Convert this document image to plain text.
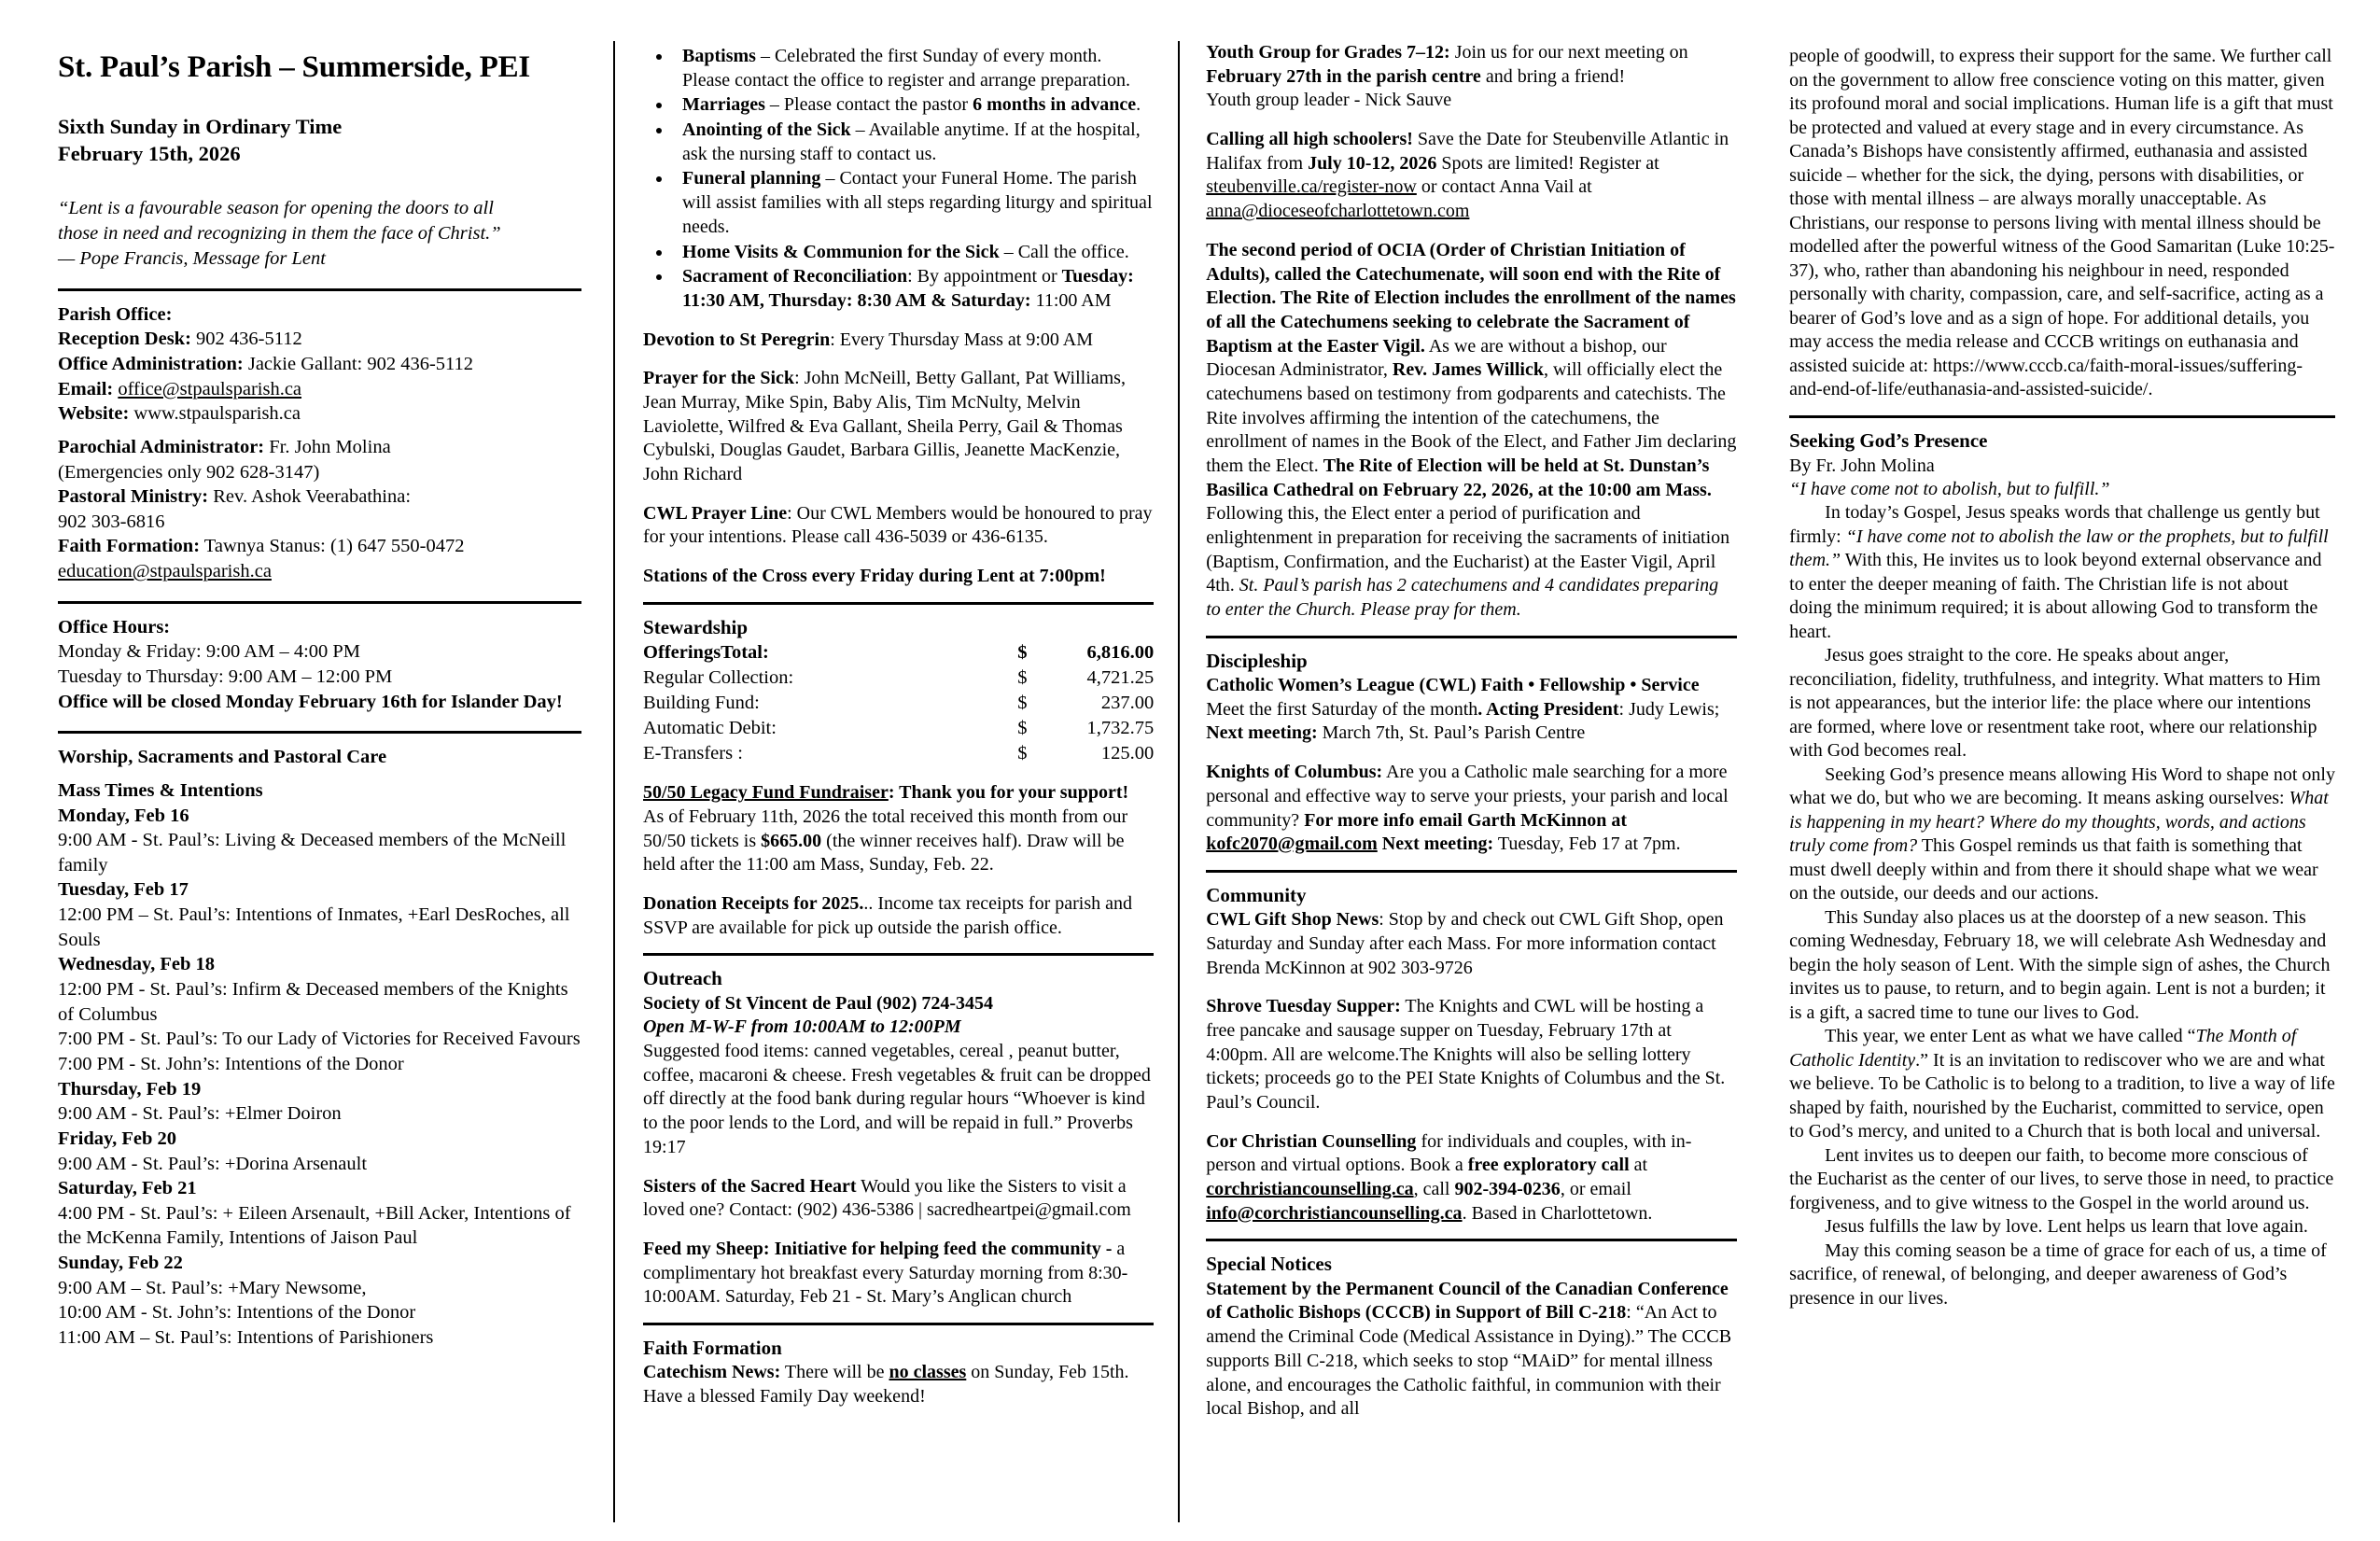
St. Paul’s Parish – Summerside, PEI
Sixth Sunday in Ordinary Time
February 15th, 2026
“Lent is a favourable season for opening the doors to all
those in need and recognizing in them the face of Christ.”
— Pope Francis, Message for Lent
Parish Office:
Reception Desk: 902 436-5112
Office Administration: Jackie Gallant: 902 436-5112
Email: office@stpaulsparish.ca
Website: www.stpaulsparish.ca
Parochial Administrator: Fr. John Molina
(Emergencies only 902 628-3147)
Pastoral Ministry: Rev. Ashok Veerabathina:
902 303-6816
Faith Formation: Tawnya Stanus: (1) 647 550-0472
education@stpaulsparish.ca
Office Hours:
Monday & Friday: 9:00 AM – 4:00 PM
Tuesday to Thursday: 9:00 AM – 12:00 PM
Office will be closed Monday February 16th for Islander Day!
Worship, Sacraments and Pastoral Care
Mass Times & Intentions
Monday, Feb 16
9:00 AM - St. Paul’s: Living & Deceased members of the McNeill family
Tuesday, Feb 17
12:00 PM – St. Paul’s: Intentions of Inmates, +Earl DesRoches, all Souls
Wednesday, Feb 18
12:00 PM - St. Paul’s: Infirm & Deceased members of the Knights of Columbus
7:00 PM - St. Paul’s: To our Lady of Victories for Received Favours
7:00 PM - St. John’s: Intentions of the Donor
Thursday, Feb 19
9:00 AM - St. Paul’s: +Elmer Doiron
Friday, Feb 20
9:00 AM - St. Paul’s: +Dorina Arsenault
Saturday, Feb 21
4:00 PM - St. Paul’s: + Eileen Arsenault, +Bill Acker, Intentions of the McKenna Family, Intentions of Jaison Paul
Sunday, Feb 22
9:00 AM – St. Paul’s: +Mary Newsome,
10:00 AM - St. John’s: Intentions of the Donor
11:00 AM – St. Paul’s: Intentions of Parishioners
• Baptisms – Celebrated the first Sunday of every month. Please contact the office to register and arrange preparation.
• Marriages – Please contact the pastor 6 months in advance.
• Anointing of the Sick – Available anytime. If at the hospital, ask the nursing staff to contact us.
• Funeral planning – Contact your Funeral Home. The parish will assist families with all steps regarding liturgy and spiritual needs.
• Home Visits & Communion for the Sick – Call the office.
• Sacrament of Reconciliation: By appointment or Tuesday: 11:30 AM, Thursday: 8:30 AM & Saturday: 11:00 AM
Devotion to St Peregrin: Every Thursday Mass at 9:00 AM
Prayer for the Sick: John McNeill, Betty Gallant, Pat Williams, Jean Murray, Mike Spin, Baby Alis, Tim McNulty, Melvin Laviolette, Wilfred & Eva Gallant, Sheila Perry, Gail & Thomas Cybulski, Douglas Gaudet, Barbara Gillis, Jeanette MacKenzie, John Richard
CWL Prayer Line: Our CWL Members would be honoured to pray for your intentions. Please call 436-5039 or 436-6135.
Stations of the Cross every Friday during Lent at 7:00pm!
Stewardship
OfferingsTotal:	$	6,816.00
Regular Collection:	$	4,721.25
Building Fund:	$	237.00
Automatic Debit:	$	1,732.75
E-Transfers :	$	125.00
50/50 Legacy Fund Fundraiser: Thank you for your support!
As of February 11th, 2026 the total received this month from our 50/50 tickets is $665.00 (the winner receives half). Draw will be held after the 11:00 am Mass, Sunday, Feb. 22.
Donation Receipts for 2025... Income tax receipts for parish and SSVP are available for pick up outside the parish office.
Outreach
Society of St Vincent de Paul (902) 724-3454
Open M-W-F from 10:00AM to 12:00PM
Suggested food items: canned vegetables, cereal , peanut butter, coffee, macaroni & cheese. Fresh vegetables & fruit can be dropped off directly at the food bank during regular hours “Whoever is kind to the poor lends to the Lord, and will be repaid in full.” Proverbs 19:17
Sisters of the Sacred Heart Would you like the Sisters to visit a loved one? Contact: (902) 436-5386 | sacredheartpei@gmail.com
Feed my Sheep: Initiative for helping feed the community - a complimentary hot breakfast every Saturday morning from 8:30-10:00AM. Saturday, Feb 21 - St. Mary’s Anglican church
Faith Formation
Catechism News: There will be no classes on Sunday, Feb 15th. Have a blessed Family Day weekend!
Youth Group for Grades 7–12: Join us for our next meeting on February 27th in the parish centre and bring a friend!
Youth group leader - Nick Sauve
Calling all high schoolers! Save the Date for Steubenville Atlantic in Halifax from July 10-12, 2026 Spots are limited! Register at steubenville.ca/register-now or contact Anna Vail at anna@dioceseofcharlottetown.com
The second period of OCIA (Order of Christian Initiation of Adults), called the Catechumenate, will soon end with the Rite of Election. The Rite of Election includes the enrollment of the names of all the Catechumens seeking to celebrate the Sacrament of Baptism at the Easter Vigil. As we are without a bishop, our Diocesan Administrator, Rev. James Willick, will officially elect the catechumens based on testimony from godparents and catechists. The Rite involves affirming the intention of the catechumens, the enrollment of names in the Book of the Elect, and Father Jim declaring them the Elect. The Rite of Election will be held at St. Dunstan’s Basilica Cathedral on February 22, 2026, at the 10:00 am Mass. Following this, the Elect enter a period of purification and enlightenment in preparation for receiving the sacraments of initiation (Baptism, Confirmation, and the Eucharist) at the Easter Vigil, April 4th. St. Paul’s parish has 2 catechumens and 4 candidates preparing to enter the Church. Please pray for them.
Discipleship
Catholic Women’s League (CWL) Faith • Fellowship • Service
Meet the first Saturday of the month. Acting President: Judy Lewis; Next meeting: March 7th, St. Paul’s Parish Centre
Knights of Columbus: Are you a Catholic male searching for a more personal and effective way to serve your priests, your parish and local community? For more info email Garth McKinnon at kofc2070@gmail.com Next meeting: Tuesday, Feb 17 at 7pm.
Community
CWL Gift Shop News: Stop by and check out CWL Gift Shop, open Saturday and Sunday after each Mass. For more information contact Brenda McKinnon at 902 303-9726
Shrove Tuesday Supper: The Knights and CWL will be hosting a free pancake and sausage supper on Tuesday, February 17th at 4:00pm. All are welcome.The Knights will also be selling lottery tickets; proceeds go to the PEI State Knights of Columbus and the St. Paul’s Council.
Cor Christian Counselling for individuals and couples, with in-person and virtual options. Book a free exploratory call at corchristiancounselling.ca, call 902-394-0236, or email info@corchristiancounselling.ca. Based in Charlottetown.
Special Notices
Statement by the Permanent Council of the Canadian Conference of Catholic Bishops (CCCB) in Support of Bill C-218: “An Act to amend the Criminal Code (Medical Assistance in Dying).” The CCCB supports Bill C-218, which seeks to stop “MAiD” for mental illness alone, and encourages the Catholic faithful, in communion with their local Bishop, and all
people of goodwill, to express their support for the same. We further call on the government to allow free conscience voting on this matter, given its profound moral and social implications. Human life is a gift that must be protected and valued at every stage and in every circumstance. As Canada’s Bishops have consistently affirmed, euthanasia and assisted suicide – whether for the sick, the dying, persons with disabilities, or those with mental illness – are always morally unacceptable. As Christians, our response to persons living with mental illness should be modelled after the powerful witness of the Good Samaritan (Luke 10:25-37), who, rather than abandoning his neighbour in need, responded personally with charity, compassion, care, and self-sacrifice, acting as a bearer of God’s love and as a sign of hope. For additional details, you may access the media release and CCCB writings on euthanasia and assisted suicide at: https://www.cccb.ca/faith-moral-issues/suffering-and-end-of-life/euthanasia-and-assisted-suicide/.
Seeking God’s Presence
By Fr. John Molina
“I have come not to abolish, but to fulfill.”
In today’s Gospel, Jesus speaks words that challenge us gently but firmly: “I have come not to abolish the law or the prophets, but to fulfill them.” With this, He invites us to look beyond external observance and to enter the deeper meaning of faith. The Christian life is not about doing the minimum required; it is about allowing God to transform the heart.
Jesus goes straight to the core. He speaks about anger, reconciliation, fidelity, truthfulness, and integrity. What matters to Him is not appearances, but the interior life: the place where our intentions are formed, where love or resentment take root, where our relationship with God becomes real.
Seeking God’s presence means allowing His Word to shape not only what we do, but who we are becoming. It means asking ourselves: What is happening in my heart? Where do my thoughts, words, and actions truly come from? This Gospel reminds us that faith is something that must dwell deeply within and from there it should shape what we wear on the outside, our deeds and our actions.
This Sunday also places us at the doorstep of a new season. This coming Wednesday, February 18, we will celebrate Ash Wednesday and begin the holy season of Lent. With the simple sign of ashes, the Church invites us to pause, to return, and to begin again. Lent is not a burden; it is a gift, a sacred time to tune our lives to God.
This year, we enter Lent as what we have called “The Month of Catholic Identity.” It is an invitation to rediscover who we are and what we believe. To be Catholic is to belong to a tradition, to live a way of life shaped by faith, nourished by the Eucharist, committed to service, open to God’s mercy, and united to a Church that is both local and universal.
Lent invites us to deepen our faith, to become more conscious of the Eucharist as the center of our lives, to serve those in need, to practice forgiveness, and to give witness to the Gospel in the world around us.
Jesus fulfills the law by love. Lent helps us learn that love again.
May this coming season be a time of grace for each of us, a time of sacrifice, of renewal, of belonging, and deeper awareness of God’s presence in our lives.
